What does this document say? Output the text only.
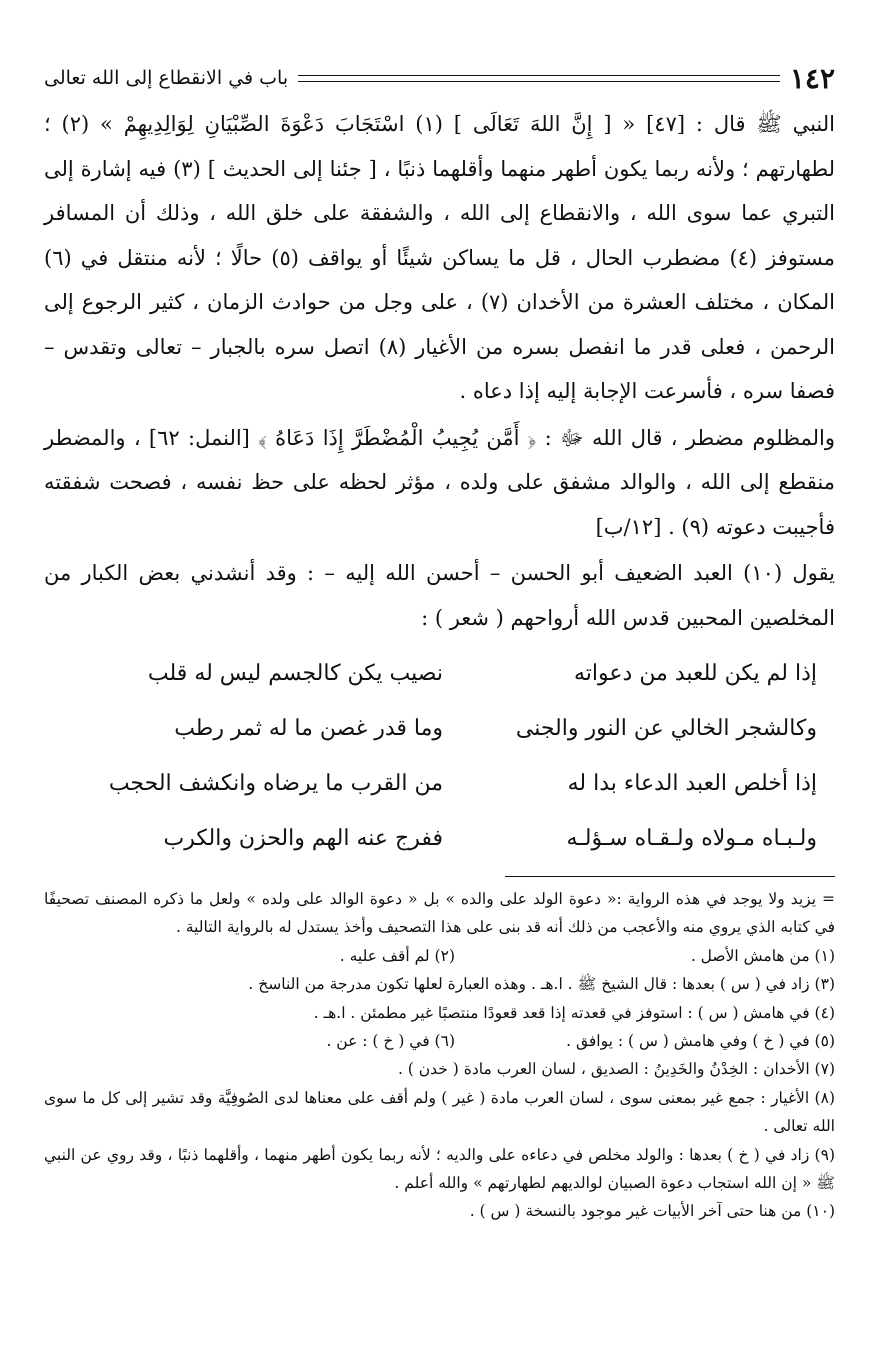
١٤٢
باب في الانقطاع إلى الله تعالى

النبي ﷺ قال : [٤٧] « [ إِنَّ اللهَ تَعَالَى ] (١) اسْتَجَابَ دَعْوَةَ الصِّبْيَانِ لِوَالِدِيهِمْ » (٢) ؛ لطهارتهم ؛ ولأنه ربما يكون أطهر منهما وأقلهما ذنبًا ، [ جئنا إلى الحديث ] (٣) فيه إشارة إلى التبري عما سوى الله ، والانقطاع إلى الله ، والشفقة على خلق الله ، وذلك أن المسافر مستوفز (٤) مضطرب الحال ، قل ما يساكن شيئًا أو يواقف (٥) حالًا ؛ لأنه منتقل في (٦) المكان ، مختلف العشرة من الأخدان (٧) ، على وجل من حوادث الزمان ، كثير الرجوع إلى الرحمن ، فعلى قدر ما انفصل بسره من الأغيار (٨) اتصل سره بالجبار – تعالى وتقدس – فصفا سره ، فأسرعت الإجابة إليه إذا دعاه .

والمظلوم مضطر ، قال الله ﷻ : ﴿ أَمَّن يُجِيبُ الْمُضْطَرَّ إِذَا دَعَاهُ ﴾ [النمل: ٦٢] ، والمضطر منقطع إلى الله ، والوالد مشفق على ولده ، مؤثر لحظه على حظ نفسه ، فصحت شفقته فأجيبت دعوته (٩) . [١٢/ب]

يقول (١٠) العبد الضعيف أبو الحسن – أحسن الله إليه – : وقد أنشدني بعض الكبار من المخلصين المحبين قدس الله أرواحهم ( شعر ) :

إذا لم يكن للعبد من دعواته
نصيب يكن كالجسم ليس له قلب
وكالشجر الخالي عن النور والجنى
وما قدر غصن ما له ثمر رطب
إذا أخلص العبد الدعاء بدا له
من القرب ما يرضاه وانكشف الحجب
ولـبـاه مـولاه ولـقـاه سـؤلـه
ففرج عنه الهم والحزن والكرب

= يزيد ولا يوجد في هذه الرواية :« دعوة الولد على والده » بل « دعوة الوالد على ولده » ولعل ما ذكره المصنف تصحيفًا في كتابه الذي يروي منه والأعجب من ذلك أنه قد بنى على هذا التصحيف وأخذ يستدل له بالرواية التالية .

(١) من هامش الأصل .
(٢) لم أقف عليه .

(٣) زاد في ( س ) بعدها : قال الشيخ ﷺ . ا.هـ . وهذه العبارة لعلها تكون مدرجة من الناسخ .

(٤) في هامش ( س ) : استوفز في قعدته إذا قعد قعودًا منتصبًا غير مطمئن . ا.هـ .

(٥) في ( خ ) وفي هامش ( س ) : يوافق .
(٦) في ( خ ) : عن .

(٧) الأخدان : الخِدْنُ والخَدِينُ : الصديق ، لسان العرب مادة ( خدن ) .

(٨) الأغيار : جمع غير بمعنى سوى ، لسان العرب مادة ( غير ) ولم أقف على معناها لدى الصُوفِيَّة وقد تشير إلى كل ما سوى الله تعالى .

(٩) زاد في ( خ ) بعدها : والولد مخلص في دعاءه على والديه ؛ لأنه ربما يكون أطهر منهما ، وأقلهما ذنبًا ، وقد روي عن النبي ﷺ « إن الله استجاب دعوة الصبيان لوالديهم لطهارتهم » والله أعلم .

(١٠) من هنا حتى آخر الأبيات غير موجود بالنسخة ( س ) .
